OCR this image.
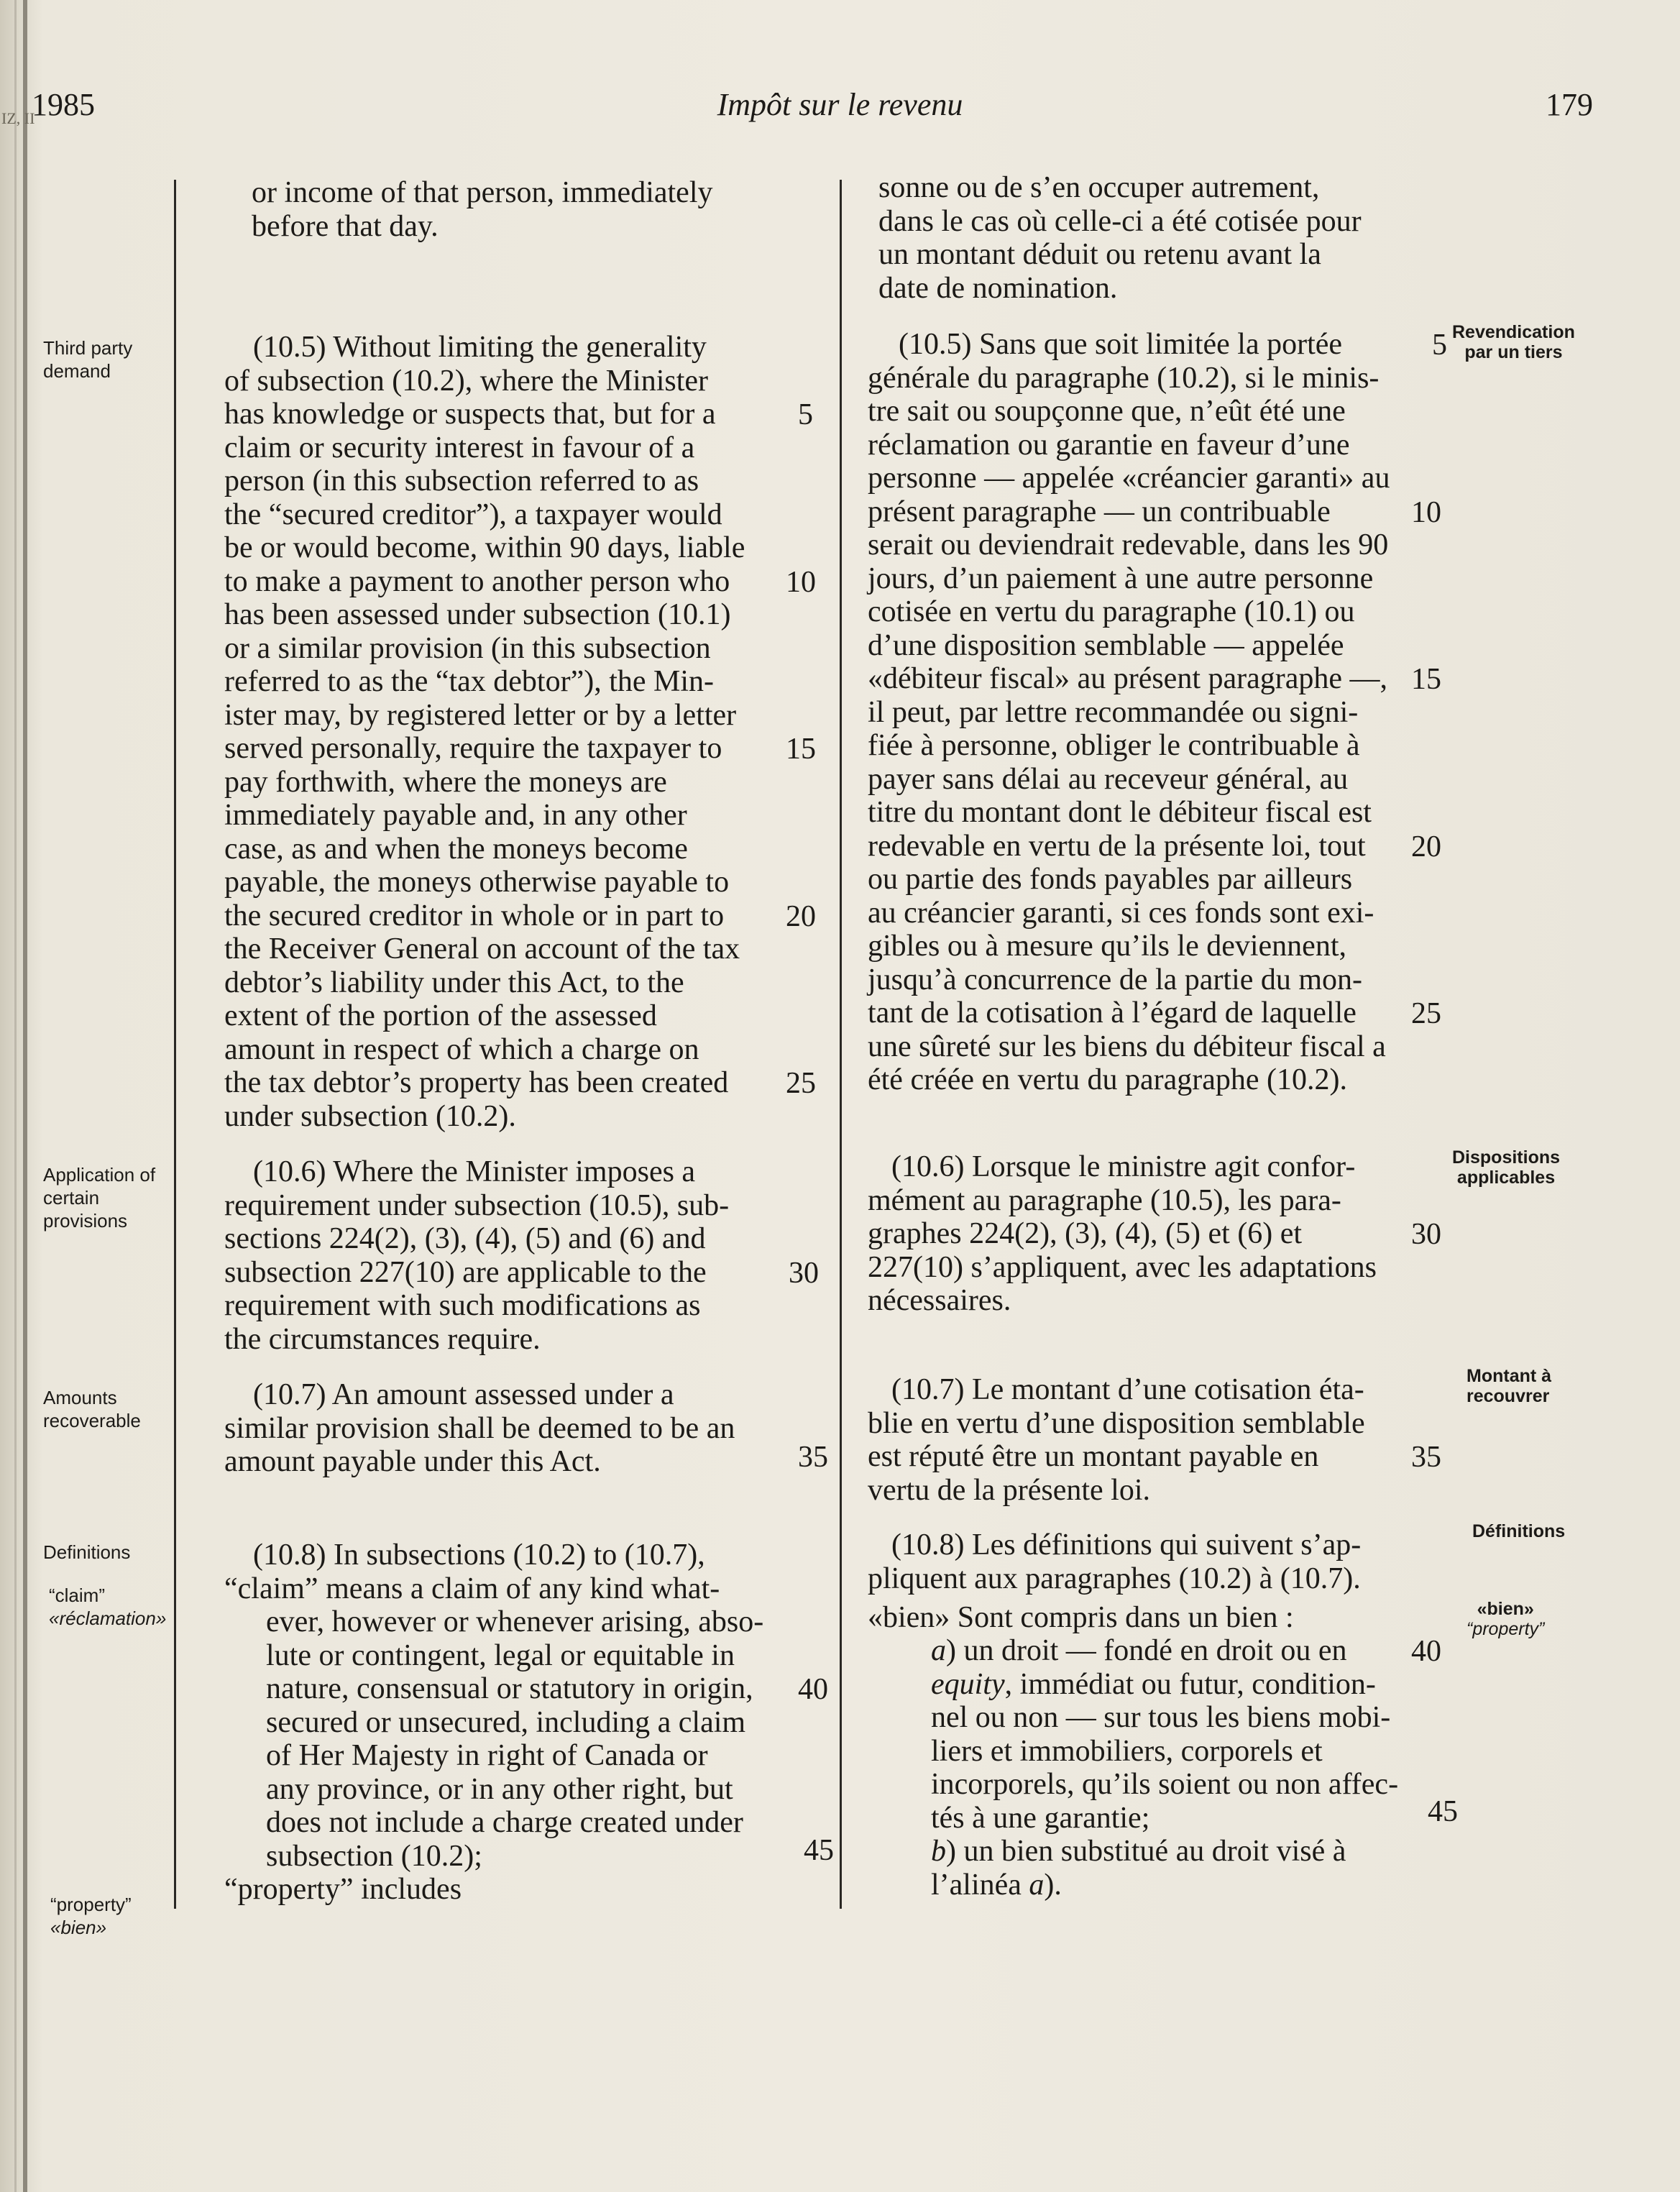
IZ, II
1985	Impôt sur le revenu	179
Third party
demand
Application of
certain
provisions
Amounts
recoverable
Definitions
“claim”
«réclamation»
“property”
«bien»
Revendication
par un tiers
Dispositions
applicables
Montant à
recouvrer
Définitions
«bien»
“property”
or income of that person, immediately
before that day.
(10.5) Without limiting the generality
of subsection (10.2), where the Minister
has knowledge or suspects that, but for a
claim or security interest in favour of a
person (in this subsection referred to as
the “secured creditor”), a taxpayer would
be or would become, within 90 days, liable
to make a payment to another person who
has been assessed under subsection (10.1)
or a similar provision (in this subsection
referred to as the “tax debtor”), the Min-
ister may, by registered letter or by a letter
served personally, require the taxpayer to
pay forthwith, where the moneys are
immediately payable and, in any other
case, as and when the moneys become
payable, the moneys otherwise payable to
the secured creditor in whole or in part to
the Receiver General on account of the tax
debtor’s liability under this Act, to the
extent of the portion of the assessed
amount in respect of which a charge on
the tax debtor’s property has been created
under subsection (10.2).
(10.6) Where the Minister imposes a
requirement under subsection (10.5), sub-
sections 224(2), (3), (4), (5) and (6) and
subsection 227(10) are applicable to the
requirement with such modifications as
the circumstances require.
(10.7) An amount assessed under a
similar provision shall be deemed to be an
amount payable under this Act.
(10.8) In subsections (10.2) to (10.7),
“claim” means a claim of any kind what-
ever, however or whenever arising, abso-
lute or contingent, legal or equitable in
nature, consensual or statutory in origin,
secured or unsecured, including a claim
of Her Majesty in right of Canada or
any province, or in any other right, but
does not include a charge created under
subsection (10.2);
“property” includes
5
10
15
20
25
30
35
40
45
sonne ou de s’en occuper autrement,
dans le cas où celle-ci a été cotisée pour
un montant déduit ou retenu avant la
date de nomination.
(10.5) Sans que soit limitée la portée
générale du paragraphe (10.2), si le minis-
tre sait ou soupçonne que, n’eût été une
réclamation ou garantie en faveur d’une
personne — appelée «créancier garanti» au
présent paragraphe — un contribuable
serait ou deviendrait redevable, dans les 90
jours, d’un paiement à une autre personne
cotisée en vertu du paragraphe (10.1) ou
d’une disposition semblable — appelée
«débiteur fiscal» au présent paragraphe —,
il peut, par lettre recommandée ou signi-
fiée à personne, obliger le contribuable à
payer sans délai au receveur général, au
titre du montant dont le débiteur fiscal est
redevable en vertu de la présente loi, tout
ou partie des fonds payables par ailleurs
au créancier garanti, si ces fonds sont exi-
gibles ou à mesure qu’ils le deviennent,
jusqu’à concurrence de la partie du mon-
tant de la cotisation à l’égard de laquelle
une sûreté sur les biens du débiteur fiscal a
été créée en vertu du paragraphe (10.2).
(10.6) Lorsque le ministre agit confor-
mément au paragraphe (10.5), les para-
graphes 224(2), (3), (4), (5) et (6) et
227(10) s’appliquent, avec les adaptations
nécessaires.
(10.7) Le montant d’une cotisation éta-
blie en vertu d’une disposition semblable
est réputé être un montant payable en
vertu de la présente loi.
(10.8) Les définitions qui suivent s’ap-
pliquent aux paragraphes (10.2) à (10.7).
«bien» Sont compris dans un bien :
a) un droit — fondé en droit ou en
equity, immédiat ou futur, condition-
nel ou non — sur tous les biens mobi-
liers et immobiliers, corporels et
incorporels, qu’ils soient ou non affec-
tés à une garantie;
b) un bien substitué au droit visé à
l’alinéa a).
5
10
15
20
25
30
35
40
45
